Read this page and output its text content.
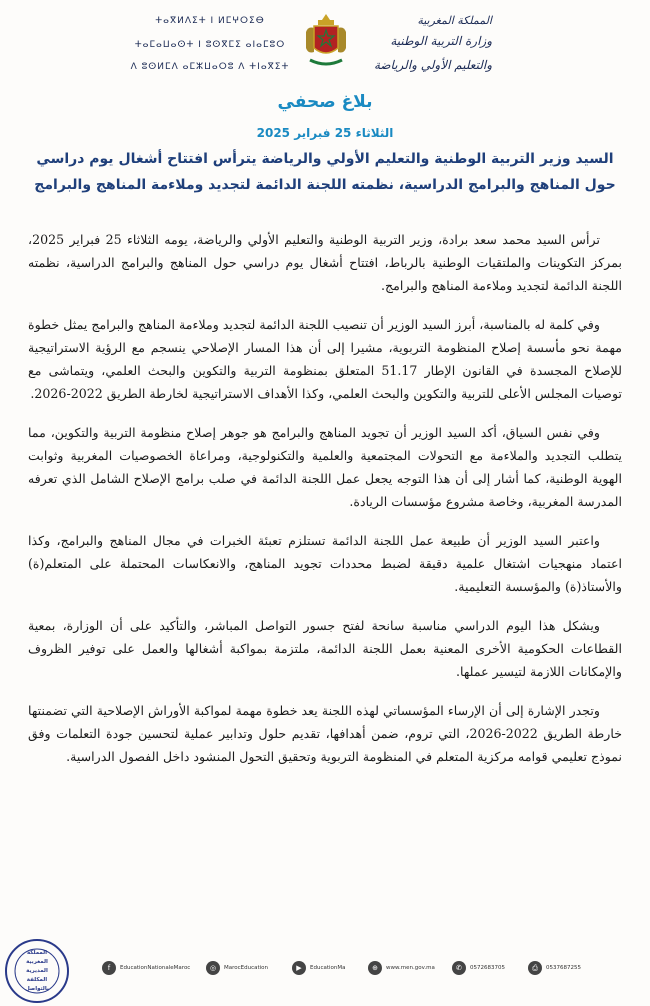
ⵜⴰⴳⵍⴷⵉⵜ ⵏ ⵍⵎⵖⵔⵉⴱ
ⵜⴰⵎⴰⵡⴰⵙⵜ ⵏ ⵓⵙⴳⵎⵉ ⴰⵏⴰⵎⵓⵔ
ⴷ ⵓⵙⵍⵎⴷ ⴰⵎⵣⵡⴰⵔⵓ ⴷ ⵜⵏⴰⴳⵉⵜ
المملكة المغربية
وزارة التربية الوطنية
والتعليم الأولي والرياضة
بلاغ صحفي
الثلاثاء 25 فبراير 2025
السيد وزير التربية الوطنية والتعليم الأولي والرياضة يترأس افتتاح أشغال يوم دراسي حول المناهج والبرامج الدراسية، نظمته اللجنة الدائمة لتجديد وملاءمة المناهج والبرامج

ترأس السيد محمد سعد برادة، وزير التربية الوطنية والتعليم الأولي والرياضة، يومه الثلاثاء 25 فبراير 2025، بمركز التكوينات والملتقيات الوطنية بالرباط، افتتاح أشغال يوم دراسي حول المناهج والبرامج الدراسية، نظمته اللجنة الدائمة لتجديد وملاءمة المناهج والبرامج.

وفي كلمة له بالمناسبة، أبرز السيد الوزير أن تنصيب اللجنة الدائمة لتجديد وملاءمة المناهج والبرامج يمثل خطوة مهمة نحو مأسسة إصلاح المنظومة التربوية، مشيرا إلى أن هذا المسار الإصلاحي ينسجم مع الرؤية الاستراتيجية للإصلاح المجسدة في القانون الإطار 51.17 المتعلق بمنظومة التربية والتكوين والبحث العلمي، ويتماشى مع توصيات المجلس الأعلى للتربية والتكوين والبحث العلمي، وكذا الأهداف الاستراتيجية لخارطة الطريق 2022-2026.

وفي نفس السياق، أكد السيد الوزير أن تجويد المناهج والبرامج هو جوهر إصلاح منظومة التربية والتكوين، مما يتطلب التجديد والملاءمة مع التحولات المجتمعية والعلمية والتكنولوجية، ومراعاة الخصوصيات المغربية وثوابت الهوية الوطنية، كما أشار إلى أن هذا التوجه يجعل عمل اللجنة الدائمة في صلب برامج الإصلاح الشامل الذي تعرفه المدرسة المغربية، وخاصة مشروع مؤسسات الريادة.

واعتبر السيد الوزير أن طبيعة عمل اللجنة الدائمة تستلزم تعبئة الخبرات في مجال المناهج والبرامج، وكذا اعتماد منهجيات اشتغال علمية دقيقة لضبط محددات تجويد المناهج، والانعكاسات المحتملة على المتعلم(ة) والأستاذ(ة) والمؤسسة التعليمية.

ويشكل هذا اليوم الدراسي مناسبة سانحة لفتح جسور التواصل المباشر، والتأكيد على أن الوزارة، بمعية القطاعات الحكومية الأخرى المعنية بعمل اللجنة الدائمة، ملتزمة بمواكبة أشغالها والعمل على توفير الظروف والإمكانات اللازمة لتيسير عملها.

وتجدر الإشارة إلى أن الإرساء المؤسساتي لهذه اللجنة يعد خطوة مهمة لمواكبة الأوراش الإصلاحية التي تضمنتها خارطة الطريق 2022-2026، التي تروم، ضمن أهدافها، تقديم حلول وتدابير عملية لتحسين جودة التعلمات وفق نموذج تعليمي قوامه مركزية المتعلم في المنظومة التربوية وتحقيق التحول المنشود داخل الفصول الدراسية.

المملكة المغربية
المديرية
المكلفة
بالتواصل
f	EducationNationaleMaroc	◎	MarocEducation	▶	EducationMa	⊕	www.men.gov.ma	✆	0572683705	⎙	0537687255
